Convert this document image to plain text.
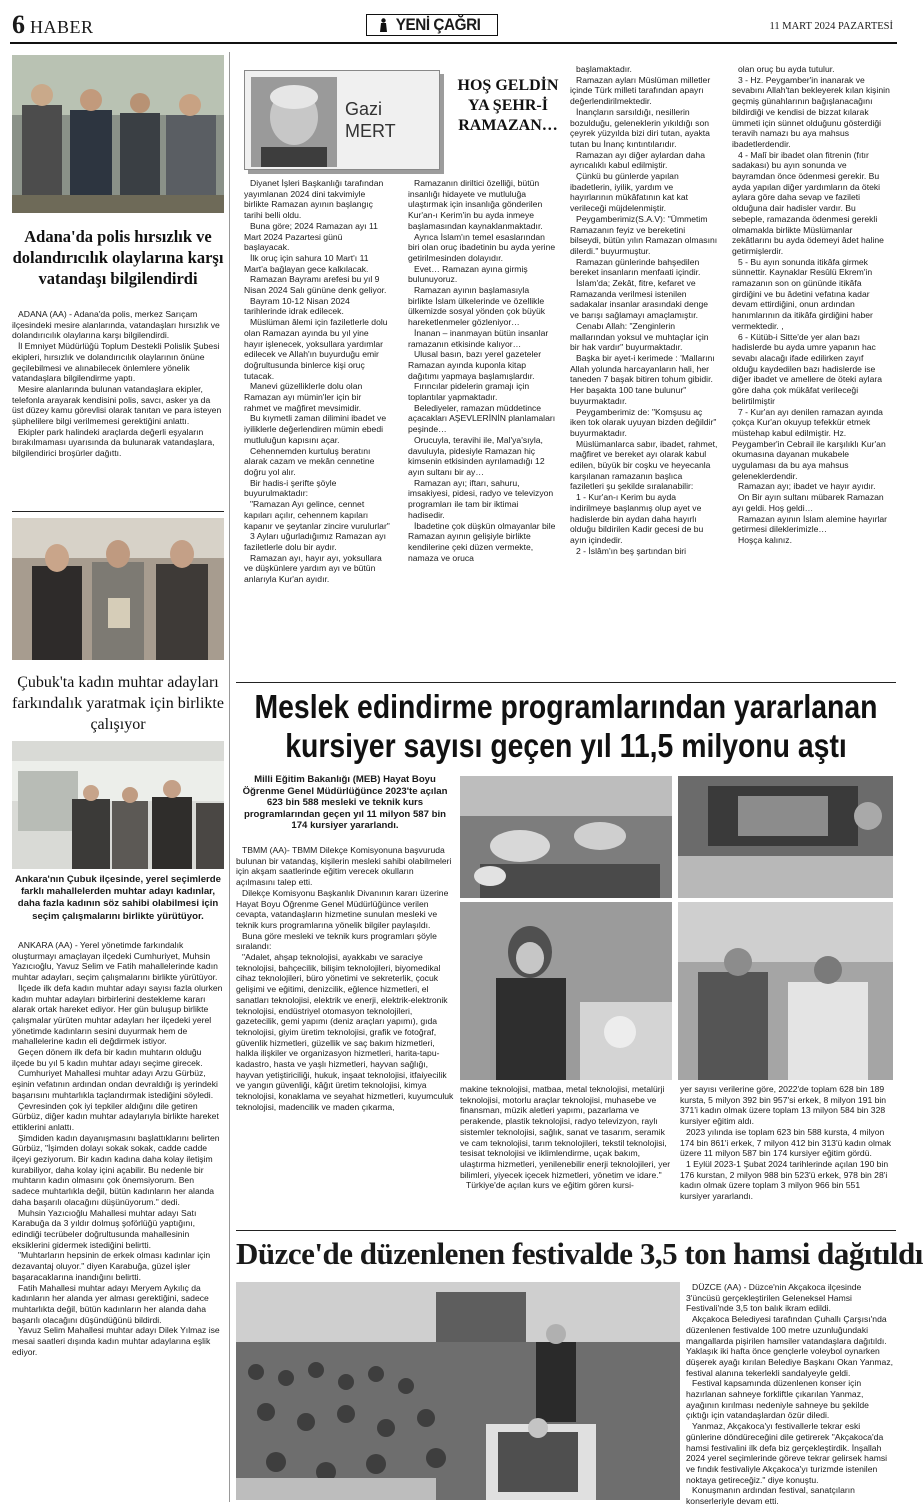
6 HABER	YENİ ÇAĞRI	11 MART 2024 PAZARTESİ
Adana'da polis hırsızlık ve dolandırıcılık olaylarına karşı vatandaşı bilgilendirdi

ADANA (AA) - Adana'da polis, merkez Sarıçam ilçesindeki mesire alanlarında, vatandaşları hırsızlık ve dolandırıcılık olaylarına karşı bilgilendirdi.

İl Emniyet Müdürlüğü Toplum Destekli Polislik Şubesi ekipleri, hırsızlık ve dolandırıcılık olaylarının önüne geçilebilmesi ve alınabilecek önlemlere yönelik vatandaşlara bilgilendirme yaptı.

Mesire alanlarında bulunan vatandaşlara ekipler, telefonla arayarak kendisini polis, savcı, asker ya da üst düzey kamu görevlisi olarak tanıtan ve para isteyen şüphelilere bilgi verilmemesi gerektiğini anlattı.

Ekipler park halindeki araçlarda değerli eşyaların bırakılmaması uyarısında da bulunarak vatandaşlara, bilgilendirici broşürler dağıttı.

Çubuk'ta kadın muhtar adayları farkındalık yaratmak için birlikte çalışıyor
Ankara'nın Çubuk ilçesinde, yerel seçimlerde farklı mahallelerden muhtar adayı kadınlar, daha fazla kadının söz sahibi olabilmesi için seçim çalışmalarını birlikte yürütüyor.

ANKARA (AA) - Yerel yönetimde farkındalık oluşturmayı amaçlayan ilçedeki Cumhuriyet, Muhsin Yazıcıoğlu, Yavuz Selim ve Fatih mahallelerinde kadın muhtar adayları, seçim çalışmalarını birlikte yürütüyor.

İlçede ilk defa kadın muhtar adayı sayısı fazla olurken kadın muhtar adayları birbirlerini destekleme kararı alarak ortak hareket ediyor. Her gün buluşup birlikte çalışmalar yürüten muhtar adayları her ilçedeki yerel yönetimde kadınların sesini duyurmak hem de mahallelerine kadın eli değdirmek istiyor.

Geçen dönem ilk defa bir kadın muhtarın olduğu ilçede bu yıl 5 kadın muhtar adayı seçime girecek.

Cumhuriyet Mahallesi muhtar adayı Arzu Gürbüz, eşinin vefatının ardından ondan devraldığı iş yerindeki başarısını muhtarlıkla taçlandırmak istediğini söyledi.

Çevresinden çok iyi tepkiler aldığını dile getiren Gürbüz, diğer kadın muhtar adaylarıyla birlikte hareket ettiklerini anlattı.

Şimdiden kadın dayanışmasını başlattıklarını belirten Gürbüz, "İşimden dolayı sokak sokak, cadde cadde ilçeyi geziyorum. Bir kadın kadına daha kolay iletişim kurabiliyor, daha kolay içini açabilir. Bu nedenle bir muhtarın kadın olmasını çok önemsiyorum. Ben sadece muhtarlıkla değil, bütün kadınların her alanda daha başarılı olacağını düşünüyorum." dedi.

Muhsin Yazıcıoğlu Mahallesi muhtar adayı Satı Karabuğa da 3 yıldır dolmuş şoförlüğü yaptığını, edindiği tecrübeler doğrultusunda mahallesinin eksiklerini gidermek istediğini belirtti.

"Muhtarların hepsinin de erkek olması kadınlar için dezavantaj oluyor." diyen Karabuğa, güzel işler başaracaklarına inandığını belirtti.

Fatih Mahallesi muhtar adayı Meryem Aykılıç da kadınların her alanda yer alması gerektiğini, sadece muhtarlıkta değil, bütün kadınların her alanda daha başarılı olacağını düşündüğünü bildirdi.

Yavuz Selim Mahallesi muhtar adayı Dilek Yılmaz ise mesai saatleri dışında kadın muhtar adaylarına eşlik ediyor.

Gazi
MERT
HOŞ GELDİN YA ŞEHR-İ RAMAZAN…

Diyanet İşleri Başkanlığı tarafından yayımlanan 2024 dini takvimiyle birlikte Ramazan ayının başlangıç tarihi belli oldu.

Buna göre; 2024 Ramazan ayı 11 Mart 2024 Pazartesi günü başlayacak.

İlk oruç için sahura 10 Mart'ı 11 Mart'a bağlayan gece kalkılacak.

Ramazan Bayramı arefesi bu yıl 9 Nisan 2024 Salı gününe denk geliyor.

Bayram 10-12 Nisan 2024 tarihlerinde idrak edilecek.

Müslüman âlemi için faziletlerle dolu olan Ramazan ayında bu yıl yine hayır işlenecek, yoksullara yardımlar edilecek ve Allah'ın buyurduğu emir doğrultusunda binlerce kişi oruç tutacak.

Manevi güzelliklerle dolu olan Ramazan ayı mümin'ler için bir rahmet ve mağfiret mevsimidir.

Bu kıymetli zaman dilimini ibadet ve iyiliklerle değerlendiren mümin ebedi mutluluğun kapısını açar.

Cehennemden kurtuluş beratını alarak cazam ve mekân cennetine doğru yol alır.

Bir hadis-i şerifte şöyle buyurulmaktadır:

"Ramazan Ayı gelince, cennet kapıları açılır, cehennem kapıları kapanır ve şeytanlar zincire vurulurlar"

3 Ayları uğurladığımız Ramazan ayı faziletlerle dolu bir aydır.

Ramazan ayı, hayır ayı, yoksullara ve düşkünlere yardım ayı ve bütün anlarıyla Kur'an ayıdır.

Ramazanın diriltici özelliği, bütün insanlığı hidayete ve mutluluğa ulaştırmak için insanlığa gönderilen Kur'an-ı Kerim'in bu ayda inmeye başlamasından kaynaklanmaktadır.

Ayrıca İslam'ın temel esaslarından biri olan oruç ibadetinin bu ayda yerine getirilmesinden dolayıdır.

Evet… Ramazan ayına girmiş bulunuyoruz.

Ramazan ayının başlamasıyla birlikte İslam ülkelerinde ve özellikle ülkemizde sosyal yönden çok büyük hareketlenmeler gözleniyor…

İnanan – inanmayan bütün insanlar ramazanın etkisinde kalıyor…

Ulusal basın, bazı yerel gazeteler Ramazan ayında kuponla kitap dağıtımı yapmaya başlamışlardır.

Fırıncılar pidelerin gramajı için toplantılar yapmaktadır.

Belediyeler, ramazan müddetince açacakları AŞEVLERİNİN planlamaları peşinde…

Orucuyla, teravihi ile, Mal'ya'sıyla, davuluyla, pidesiyle Ramazan hiç kimsenin etkisinden ayrılamadığı 12 ayın sultanı bir ay…

Ramazan ayı; iftarı, sahuru, imsakiyesi, pidesi, radyo ve televizyon programları ile tam bir iktimai hadisedir.

İbadetine çok düşkün olmayanlar bile Ramazan ayının gelişiyle birlikte kendilerine çeki düzen vermekte, namaza ve oruca

başlamaktadır.

Ramazan ayları Müslüman milletler içinde Türk milleti tarafından apayrı değerlendirilmektedir.

İnançların sarsıldığı, nesillerin bozulduğu, geleneklerin yıkıldığı son çeyrek yüzyılda bizi diri tutan, ayakta tutan bu İnanç kıntıntılarıdır.

Ramazan ayı diğer aylardan daha ayrıcalıklı kabul edilmiştir.

Çünkü bu günlerde yapılan ibadetlerin, iyilik, yardım ve hayırlarının mükâfatının kat kat verileceği müjdelenmiştir.

Peygamberimiz(S.A.V): "Ümmetim Ramazanın feyiz ve bereketini bilseydi, bütün yılın Ramazan olmasını dilerdi." buyurmuştur.

Ramazan günlerinde bahşedilen bereket insanların menfaati içindir.

İslam'da; Zekât, fitre, kefaret ve Ramazanda verilmesi istenilen sadakalar insanlar arasındaki denge ve barışı sağlamayı amaçlamıştır.

Cenabı Allah: "Zenginlerin mallarından yoksul ve muhtaçlar için bir hak vardır" buyurmaktadır.

Başka bir ayet-i kerimede : 'Mallarını Allah yolunda harcayanların hali, her taneden 7 başak bitiren tohum gibidir. Her başakta 100 tane bulunur" buyurmaktadır.

Peygamberimiz de: "Komşusu aç iken tok olarak uyuyan bizden değildir" buyurmaktadır.

Müslümanlarca sabır, ibadet, rahmet, mağfiret ve bereket ayı olarak kabul edilen, büyük bir coşku ve heyecanla karşılanan ramazanın başlıca faziletleri şu şekilde sıralanabilir:

1 - Kur'an-ı Kerim bu ayda indirilmeye başlanmış olup ayet ve hadislerde bin aydan daha hayırlı olduğu bildirilen Kadir gecesi de bu ayın içindedir.

2 - İslâm'ın beş şartından biri

olan oruç bu ayda tutulur.

3 - Hz. Peygamber'in inanarak ve sevabını Allah'tan bekleyerek kılan kişinin geçmiş günahlarının bağışlanacağını bildirdiği ve kendisi de bizzat kılarak ümmeti için sünnet olduğunu gösterdiği teravih namazı bu aya mahsus ibadetlerdendir.

4 - Malî bir ibadet olan fitrenin (fıtır sadakası) bu ayın sonunda ve bayramdan önce ödenmesi gerekir. Bu ayda yapılan diğer yardımların da öteki aylara göre daha sevap ve fazileti olduğuna dair hadisler vardır. Bu sebeple, ramazanda ödenmesi gerekli olmamakla birlikte Müslümanlar zekâtlarını bu ayda ödemeyi âdet haline getirmişlerdir.

5 - Bu ayın sonunda itikâfa girmek sünnettir. Kaynaklar Resûlü Ekrem'in ramazanın son on gününde itikâfa girdiğini ve bu âdetini vefatına kadar devam ettirdiğini, onun ardından hanımlarının da itikâfa girdiğini haber vermektedir. ,

6 - Kütüb-i Sitte'de yer alan bazı hadislerde bu ayda umre yapanın hac sevabı alacağı ifade edilirken zayıf olduğu kaydedilen bazı hadislerde ise diğer ibadet ve amellere de öteki aylara göre daha çok mükâfat verileceği belirtilmiştir

7 - Kur'an ayı denilen ramazan ayında çokça Kur'an okuyup tefekkür etmek müstehap kabul edilmiştir. Hz. Peygamber'in Cebrail ile karşılıklı Kur'an okumasına dayanan mukabele uygulaması da bu aya mahsus geleneklerdendir.

Ramazan ayı; ibadet ve hayır ayıdır.

On Bir ayın sultanı mübarek Ramazan ayı geldi. Hoş geldi…

Ramazan ayının İslam alemine hayırlar getirmesi dileklerimizle…

Hoşça kalınız.

Meslek edindirme programlarından yararlanan
kursiyer sayısı geçen yıl 11,5 milyonu aştı
Milli Eğitim Bakanlığı (MEB) Hayat Boyu Öğrenme Genel Müdürlüğünce 2023'te açılan 623 bin 588 mesleki ve teknik kurs programlarından geçen yıl 11 milyon 587 bin 174 kursiyer yararlandı.

TBMM (AA)- TBMM Dilekçe Komisyonuna başvuruda bulunan bir vatandaş, kişilerin mesleki sahibi olabilmeleri için akşam saatlerinde eğitim verecek okulların açılmasını talep etti.

Dilekçe Komisyonu Başkanlık Divanının kararı üzerine Hayat Boyu Öğrenme Genel Müdürlüğünce verilen cevapta, vatandaşların hizmetine sunulan mesleki ve teknik kurs programlarına yönelik bilgiler paylaşıldı.

Buna göre mesleki ve teknik kurs programları şöyle sıralandı:

"Adalet, ahşap teknolojisi, ayakkabı ve saraciye teknolojisi, bahçecilik, bilişim teknolojileri, biyomedikal cihaz teknolojileri, büro yönetimi ve sekreterlik, çocuk gelişimi ve eğitimi, denizcilik, eğlence hizmetleri, el sanatları teknolojisi, elektrik ve enerji, elektrik-elektronik teknolojisi, endüstriyel otomasyon teknolojileri, gazetecilik, gemi yapımı (deniz araçları yapımı), gıda teknolojisi, giyim üretim teknolojisi, grafik ve fotoğraf, güvenlik hizmetleri, güzellik ve saç bakım hizmetleri, halkla ilişkiler ve organizasyon hizmetleri, harita-tapu-kadastro, hasta ve yaşlı hizmetleri, hayvan sağlığı, hayvan yetiştiriciliği, hukuk, inşaat teknolojisi, itfaiyecilik ve yangın güvenliği, kâğıt üretim teknolojisi, kimya teknolojisi, konaklama ve seyahat hizmetleri, kuyumculuk teknolojisi, madencilik ve maden çıkarma,

makine teknolojisi, matbaa, metal teknolojisi, metalürji teknolojisi, motorlu araçlar teknolojisi, muhasebe ve finansman, müzik aletleri yapımı, pazarlama ve perakende, plastik teknolojisi, radyo televizyon, raylı sistemler teknolojisi, sağlık, sanat ve tasarım, seramik ve cam teknolojisi, tarım teknolojileri, tekstil teknolojisi, tesisat teknolojisi ve iklimlendirme, uçak bakım, ulaştırma hizmetleri, yenilenebilir enerji teknolojileri, yer bilimleri, yiyecek içecek hizmetleri, yönetim ve idare."

Türkiye'de açılan kurs ve eğitim gören kursi-

yer sayısı verilerine göre, 2022'de toplam 628 bin 189 kursta, 5 milyon 392 bin 957'si erkek, 8 milyon 191 bin 371'i kadın olmak üzere toplam 13 milyon 584 bin 328 kursiyer eğitim aldı.

2023 yılında ise toplam 623 bin 588 kursta, 4 milyon 174 bin 861'i erkek, 7 milyon 412 bin 313'ü kadın olmak üzere 11 milyon 587 bin 174 kursiyer eğitim gördü.

1 Eylül 2023-1 Şubat 2024 tarihlerinde açılan 190 bin 176 kurstan, 2 milyon 988 bin 523'ü erkek, 978 bin 28'i kadın olmak üzere toplam 3 milyon 966 bin 551 kursiyer yararlandı.

Düzce'de düzenlenen festivalde 3,5 ton hamsi dağıtıldı

DÜZCE (AA) - Düzce'nin Akçakoca ilçesinde 3'üncüsü gerçekleştirilen Geleneksel Hamsi Festivali'nde 3,5 ton balık ikram edildi.

Akçakoca Belediyesi tarafından Çuhallı Çarşısı'nda düzenlenen festivalde 100 metre uzunluğundaki mangallarda pişirilen hamsiler vatandaşlara dağıtıldı. Yaklaşık iki hafta önce gençlerle voleybol oynarken düşerek ayağı kırılan Belediye Başkanı Okan Yanmaz, festival alanına tekerlekli sandalyeyle geldi.

Festival kapsamında düzenlenen konser için hazırlanan sahneye forkliftle çıkarılan Yanmaz, ayağının kırılması nedeniyle sahneye bu şekilde çıktığı için vatandaşlardan özür diledi.

Yanmaz, Akçakoca'yı festivallerle tekrar eski günlerine döndüreceğini dile getirerek "Akçakoca'da hamsi festivalini ilk defa biz gerçekleştirdik. İnşallah 2024 yerel seçimlerinde göreve tekrar gelirsek hamsi ve fındık festivaliyle Akçakoca'yı turizmde istenilen noktaya getireceğiz." diye konuştu.

Konuşmanın ardından festival, sanatçıların konserleriyle devam etti.
